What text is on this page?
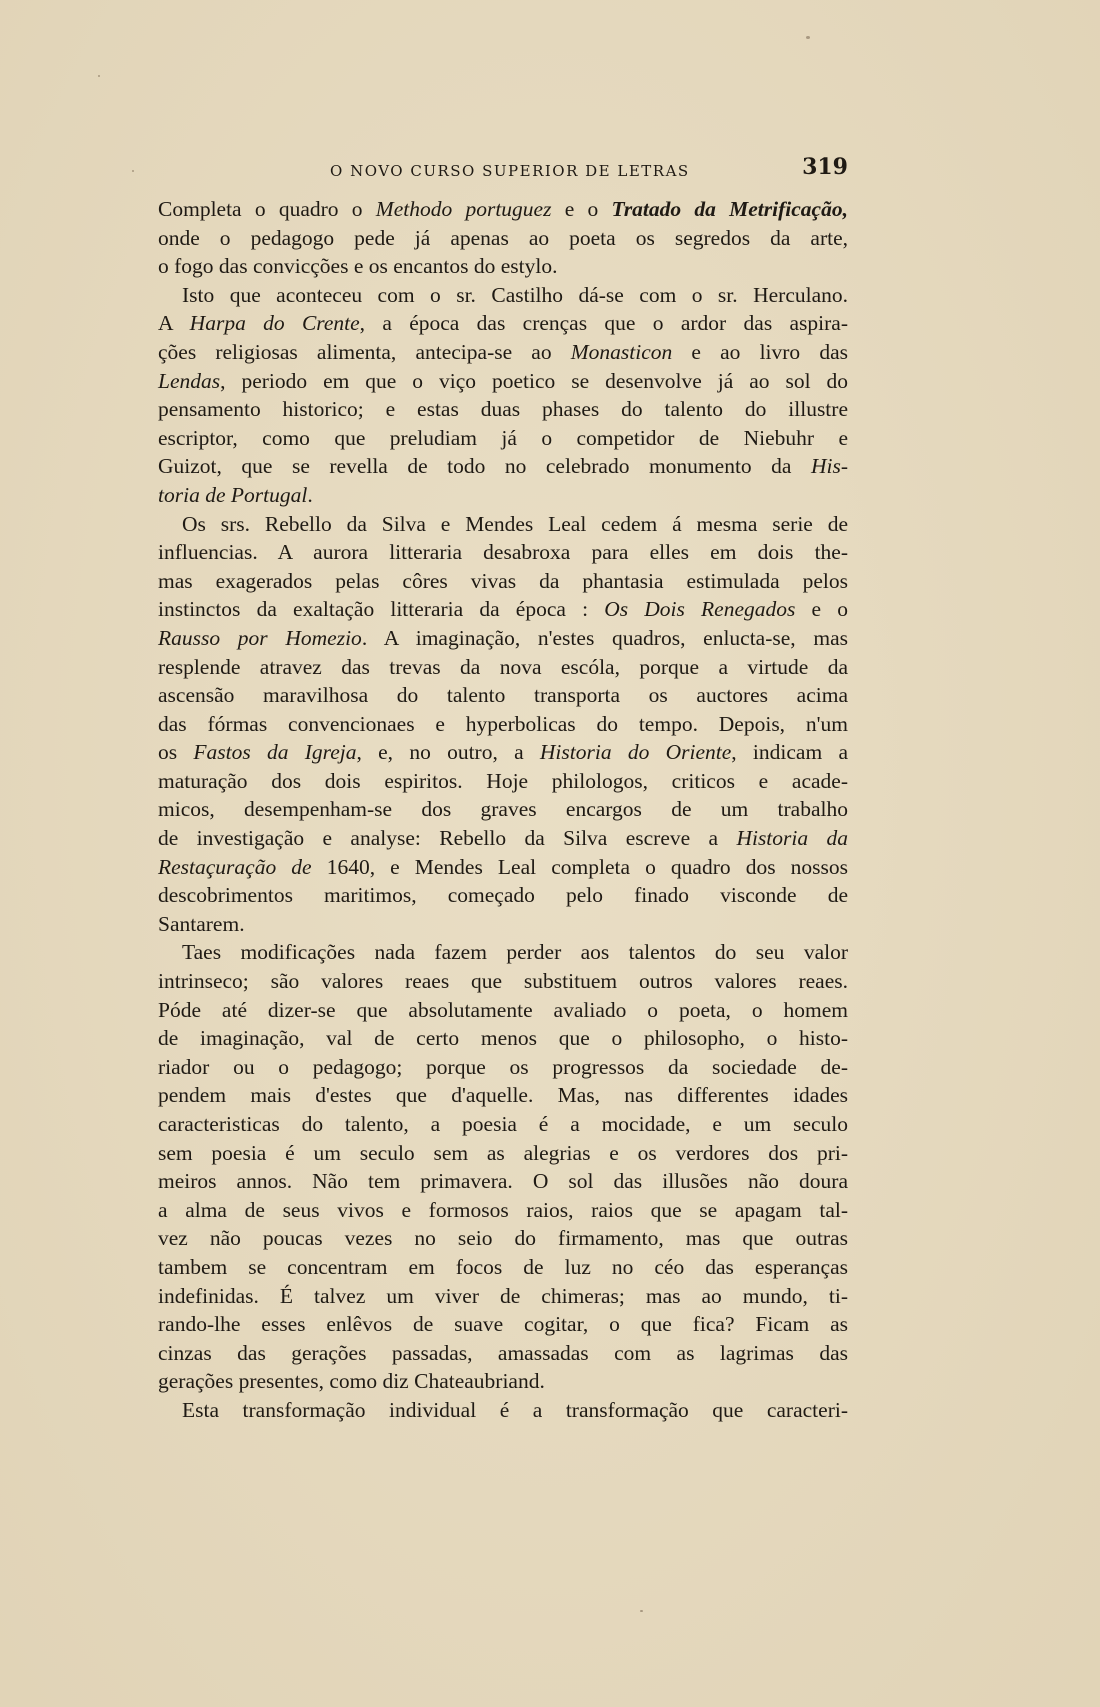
O NOVO CURSO SUPERIOR DE LETRAS	319
Completa o quadro o Methodo portuguez e o Tratado da Metrificação,
onde o pedagogo pede já apenas ao poeta os segredos da arte,
o fogo das convicções e os encantos do estylo.
Isto que aconteceu com o sr. Castilho dá-se com o sr. Herculano.
A Harpa do Crente, a época das crenças que o ardor das aspira-
ções religiosas alimenta, antecipa-se ao Monasticon e ao livro das
Lendas, periodo em que o viço poetico se desenvolve já ao sol do
pensamento historico; e estas duas phases do talento do illustre
escriptor, como que preludiam já o competidor de Niebuhr e
Guizot, que se revella de todo no celebrado monumento da His-
toria de Portugal.
Os srs. Rebello da Silva e Mendes Leal cedem á mesma serie de
influencias. A aurora litteraria desabroxa para elles em dois the-
mas exagerados pelas côres vivas da phantasia estimulada pelos
instinctos da exaltação litteraria da época : Os Dois Renegados e o
Rausso por Homezio. A imaginação, n'estes quadros, enlucta-se, mas
resplende atravez das trevas da nova escóla, porque a virtude da
ascensão maravilhosa do talento transporta os auctores acima
das fórmas convencionaes e hyperbolicas do tempo. Depois, n'um
os Fastos da Igreja, e, no outro, a Historia do Oriente, indicam a
maturação dos dois espiritos. Hoje philologos, criticos e acade-
micos, desempenham-se dos graves encargos de um trabalho
de investigação e analyse: Rebello da Silva escreve a Historia da
Restaçuração de 1640, e Mendes Leal completa o quadro dos nossos
descobrimentos maritimos, começado pelo finado visconde de
Santarem.
Taes modificações nada fazem perder aos talentos do seu valor
intrinseco; são valores reaes que substituem outros valores reaes.
Póde até dizer-se que absolutamente avaliado o poeta, o homem
de imaginação, val de certo menos que o philosopho, o histo-
riador ou o pedagogo; porque os progressos da sociedade de-
pendem mais d'estes que d'aquelle. Mas, nas differentes idades
caracteristicas do talento, a poesia é a mocidade, e um seculo
sem poesia é um seculo sem as alegrias e os verdores dos pri-
meiros annos. Não tem primavera. O sol das illusões não doura
a alma de seus vivos e formosos raios, raios que se apagam tal-
vez não poucas vezes no seio do firmamento, mas que outras
tambem se concentram em focos de luz no céo das esperanças
indefinidas. É talvez um viver de chimeras; mas ao mundo, ti-
rando-lhe esses enlêvos de suave cogitar, o que fica? Ficam as
cinzas das gerações passadas, amassadas com as lagrimas das
gerações presentes, como diz Chateaubriand.
Esta transformação individual é a transformação que caracteri-
